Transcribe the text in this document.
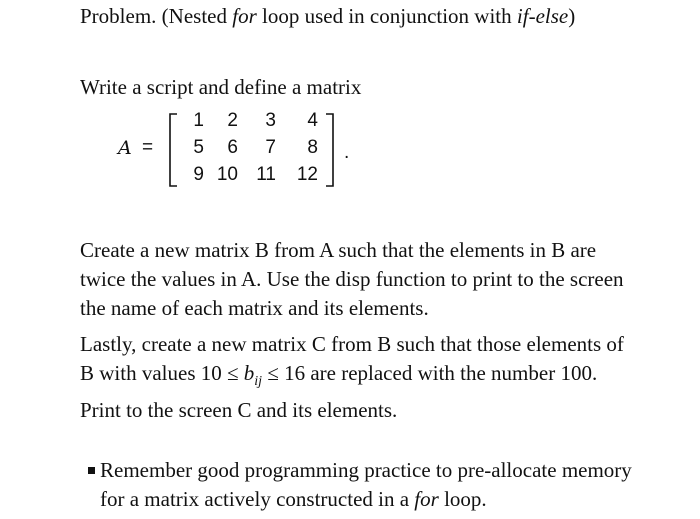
Problem. (Nested for loop used in conjunction with if-else)

Write a script and define a matrix

A =
1	2	3	4
5	6	7	8
9 10 11	12
.

Create a new matrix B from A such that the elements in B are twice the values in A. Use the disp function to print to the screen the name of each matrix and its elements.

Lastly, create a new matrix C from B such that those elements of B with values $10 \le b_{ij} \le 16$ are replaced with the number 100. Print to the screen C and its elements.

Remember good programming practice to pre-allocate memory for a matrix actively constructed in a for loop.
